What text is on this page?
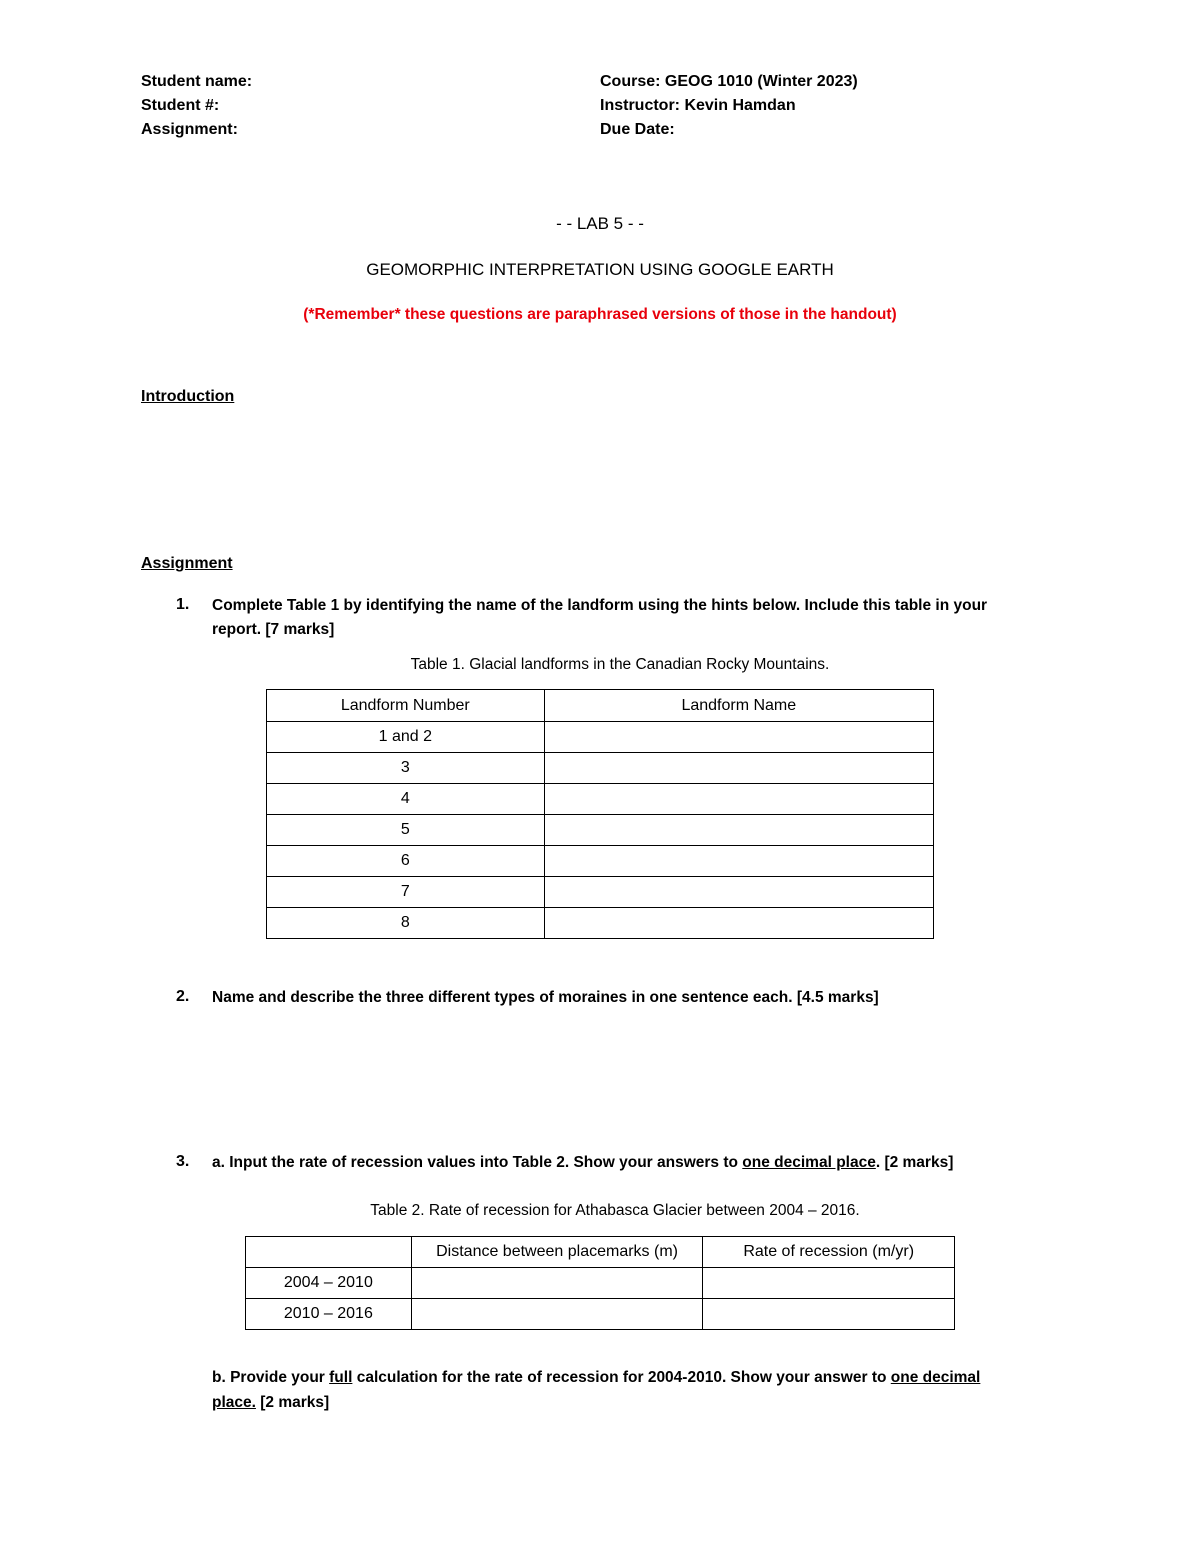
Student name:
Student #:
Assignment:
Course: GEOG 1010 (Winter 2023)
Instructor: Kevin Hamdan
Due Date:
- - LAB 5 - -
GEOMORPHIC INTERPRETATION USING GOOGLE EARTH
(*Remember* these questions are paraphrased versions of those in the handout)
Introduction
Assignment
1. Complete Table 1 by identifying the name of the landform using the hints below. Include this table in your
report. [7 marks]
Table 1. Glacial landforms in the Canadian Rocky Mountains.
Landform Number	Landform Name
1 and 2	
3	
4	
5	
6	
7	
8	
2. Name and describe the three different types of moraines in one sentence each. [4.5 marks]
3. a. Input the rate of recession values into Table 2. Show your answers to one decimal place. [2 marks]
Table 2. Rate of recession for Athabasca Glacier between 2004 – 2016.
	Distance between placemarks (m)	Rate of recession (m/yr)
2004 – 2010		
2010 – 2016		
b. Provide your full calculation for the rate of recession for 2004-2010. Show your answer to one decimal
place. [2 marks]
